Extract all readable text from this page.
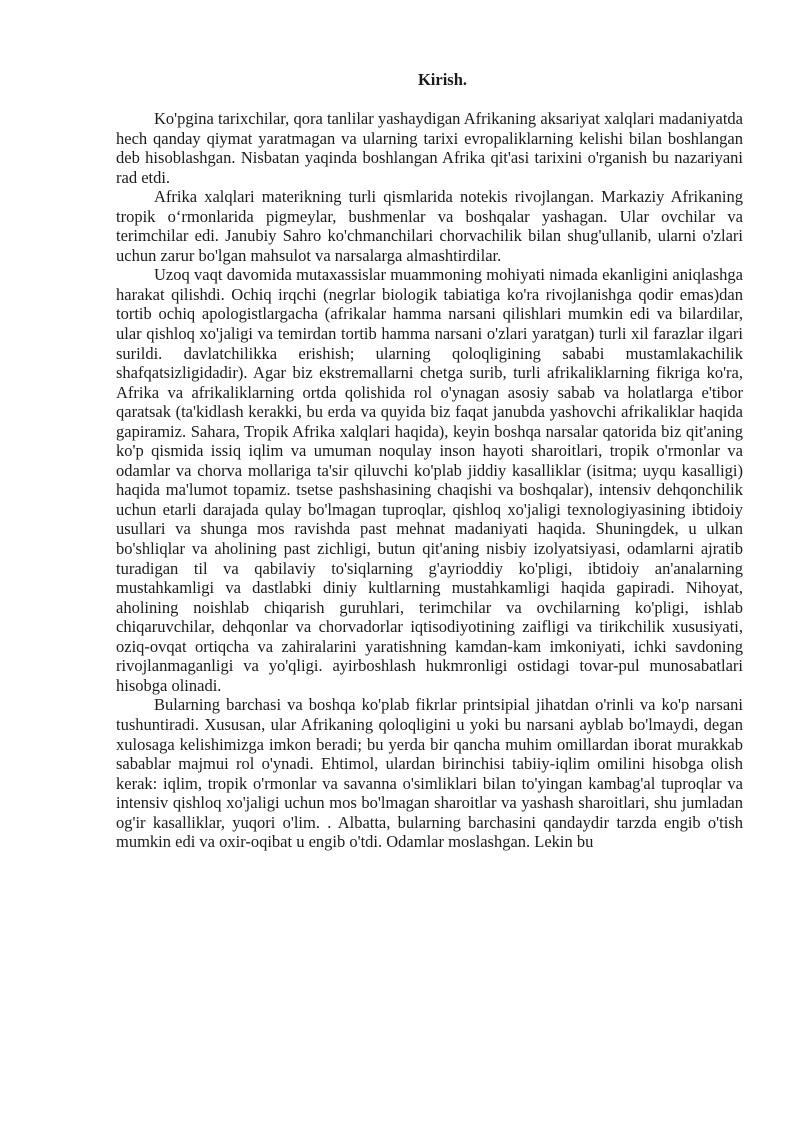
Kirish.

Ko'pgina tarixchilar, qora tanlilar yashaydigan Afrikaning aksariyat xalqlari madaniyatda hech qanday qiymat yaratmagan va ularning tarixi evropaliklarning kelishi bilan boshlangan deb hisoblashgan. Nisbatan yaqinda boshlangan Afrika qit'asi tarixini o'rganish bu nazariyani rad etdi.

Afrika xalqlari materikning turli qismlarida notekis rivojlangan. Markaziy Afrikaning tropik o‘rmonlarida pigmeylar, bushmenlar va boshqalar yashagan. Ular ovchilar va terimchilar edi. Janubiy Sahro ko'chmanchilari chorvachilik bilan shug'ullanib, ularni o'zlari uchun zarur bo'lgan mahsulot va narsalarga almashtirdilar.

Uzoq vaqt davomida mutaxassislar muammoning mohiyati nimada ekanligini aniqlashga harakat qilishdi. Ochiq irqchi (negrlar biologik tabiatiga ko'ra rivojlanishga qodir emas)dan tortib ochiq apologistlargacha (afrikalar hamma narsani qilishlari mumkin edi va bilardilar, ular qishloq xo'jaligi va temirdan tortib hamma narsani o'zlari yaratgan) turli xil farazlar ilgari surildi. davlatchilikka erishish; ularning qoloqligining sababi mustamlakachilik shafqatsizligidadir). Agar biz ekstremallarni chetga surib, turli afrikaliklarning fikriga ko'ra, Afrika va afrikaliklarning ortda qolishida rol o'ynagan asosiy sabab va holatlarga e'tibor qaratsak (ta'kidlash kerakki, bu erda va quyida biz faqat janubda yashovchi afrikaliklar haqida gapiramiz. Sahara, Tropik Afrika xalqlari haqida), keyin boshqa narsalar qatorida biz qit'aning ko'p qismida issiq iqlim va umuman noqulay inson hayoti sharoitlari, tropik o'rmonlar va odamlar va chorva mollariga ta'sir qiluvchi ko'plab jiddiy kasalliklar (isitma; uyqu kasalligi) haqida ma'lumot topamiz. tsetse pashshasining chaqishi va boshqalar), intensiv dehqonchilik uchun etarli darajada qulay bo'lmagan tuproqlar, qishloq xo'jaligi texnologiyasining ibtidoiy usullari va shunga mos ravishda past mehnat madaniyati haqida. Shuningdek, u ulkan bo'shliqlar va aholining past zichligi, butun qit'aning nisbiy izolyatsiyasi, odamlarni ajratib turadigan til va qabilaviy to'siqlarning g'ayrioddiy ko'pligi, ibtidoiy an'analarning mustahkamligi va dastlabki diniy kultlarning mustahkamligi haqida gapiradi. Nihoyat, aholining noishlab chiqarish guruhlari, terimchilar va ovchilarning ko'pligi, ishlab chiqaruvchilar, dehqonlar va chorvadorlar iqtisodiyotining zaifligi va tirikchilik xususiyati, oziq-ovqat ortiqcha va zahiralarini yaratishning kamdan-kam imkoniyati, ichki savdoning rivojlanmaganligi va yo'qligi. ayirboshlash hukmronligi ostidagi tovar-pul munosabatlari hisobga olinadi.

Bularning barchasi va boshqa ko'plab fikrlar printsipial jihatdan o'rinli va ko'p narsani tushuntiradi. Xususan, ular Afrikaning qoloqligini u yoki bu narsani ayblab bo'lmaydi, degan xulosaga kelishimizga imkon beradi; bu yerda bir qancha muhim omillardan iborat murakkab sabablar majmui rol o'ynadi. Ehtimol, ulardan birinchisi tabiiy-iqlim omilini hisobga olish kerak: iqlim, tropik o'rmonlar va savanna o'simliklari bilan to'yingan kambag'al tuproqlar va intensiv qishloq xo'jaligi uchun mos bo'lmagan sharoitlar va yashash sharoitlari, shu jumladan og'ir kasalliklar, yuqori o'lim. . Albatta, bularning barchasini qandaydir tarzda engib o'tish mumkin edi va oxir-oqibat u engib o'tdi. Odamlar moslashgan. Lekin bu
